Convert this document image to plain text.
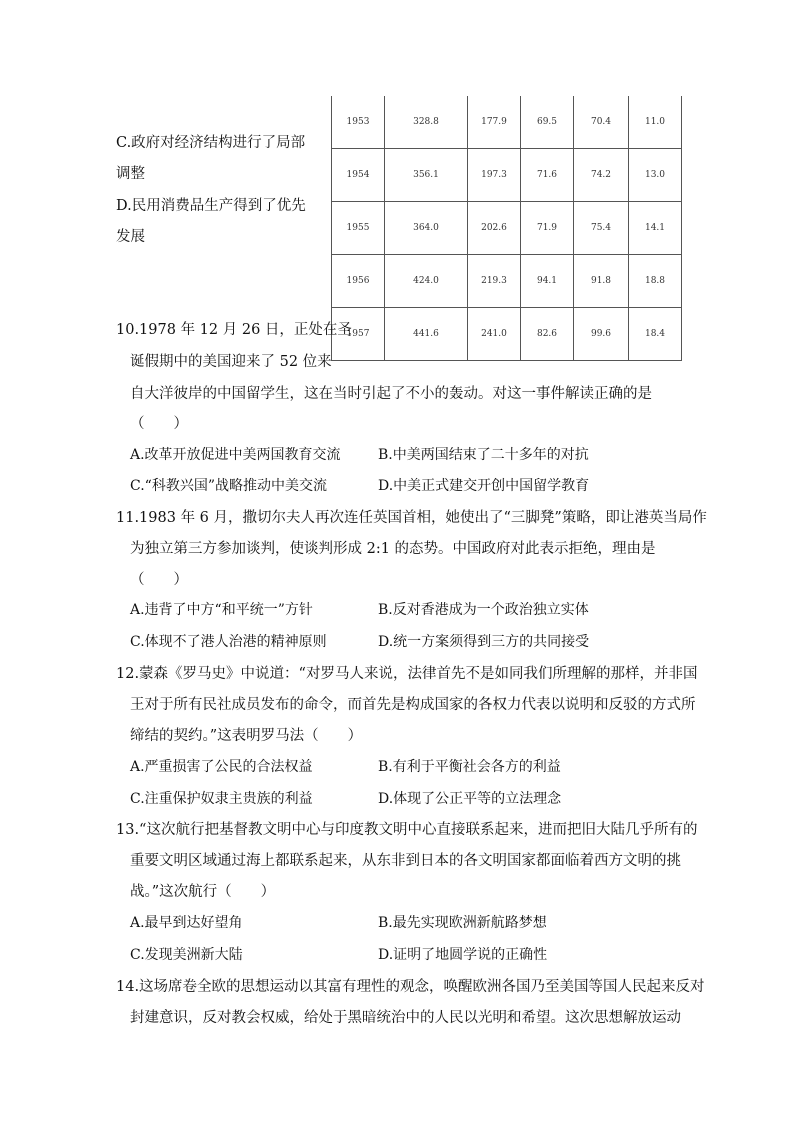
C.政府对经济结构进行了局部
调整
D.民用消费品生产得到了优先
发展
1953	328.8	177.9	69.5	70.4	11.0
1954	356.1	197.3	71.6	74.2	13.0
1955	364.0	202.6	71.9	75.4	14.1
1956	424.0	219.3	94.1	91.8	18.8
1957	441.6	241.0	82.6	99.6	18.4
10.1978 年 12 月 26 日，正处在圣
诞假期中的美国迎来了 52 位来
自大洋彼岸的中国留学生，这在当时引起了不小的轰动。对这一事件解读正确的是
（　　）
A.改革开放促进中美两国教育交流	B.中美两国结束了二十多年的对抗
C.“科教兴国”战略推动中美交流	D.中美正式建交开创中国留学教育
11.1983 年 6 月，撒切尔夫人再次连任英国首相，她使出了“三脚凳”策略，即让港英当局作
为独立第三方参加谈判，使谈判形成 2:1 的态势。中国政府对此表示拒绝，理由是
（　　）
A.违背了中方“和平统一”方针	B.反对香港成为一个政治独立实体
C.体现不了港人治港的精神原则	D.统一方案须得到三方的共同接受
12.蒙森《罗马史》中说道：“对罗马人来说，法律首先不是如同我们所理解的那样，并非国
王对于所有民社成员发布的命令，而首先是构成国家的各权力代表以说明和反驳的方式所
缔结的契约。”这表明罗马法（　　）
A.严重损害了公民的合法权益	B.有利于平衡社会各方的利益
C.注重保护奴隶主贵族的利益	D.体现了公正平等的立法理念
13.“这次航行把基督教文明中心与印度教文明中心直接联系起来，进而把旧大陆几乎所有的
重要文明区域通过海上都联系起来，从东非到日本的各文明国家都面临着西方文明的挑
战。”这次航行（　　）
A.最早到达好望角	B.最先实现欧洲新航路梦想
C.发现美洲新大陆	D.证明了地圆学说的正确性
14.这场席卷全欧的思想运动以其富有理性的观念，唤醒欧洲各国乃至美国等国人民起来反对
封建意识，反对教会权威，给处于黑暗统治中的人民以光明和希望。这次思想解放运动
